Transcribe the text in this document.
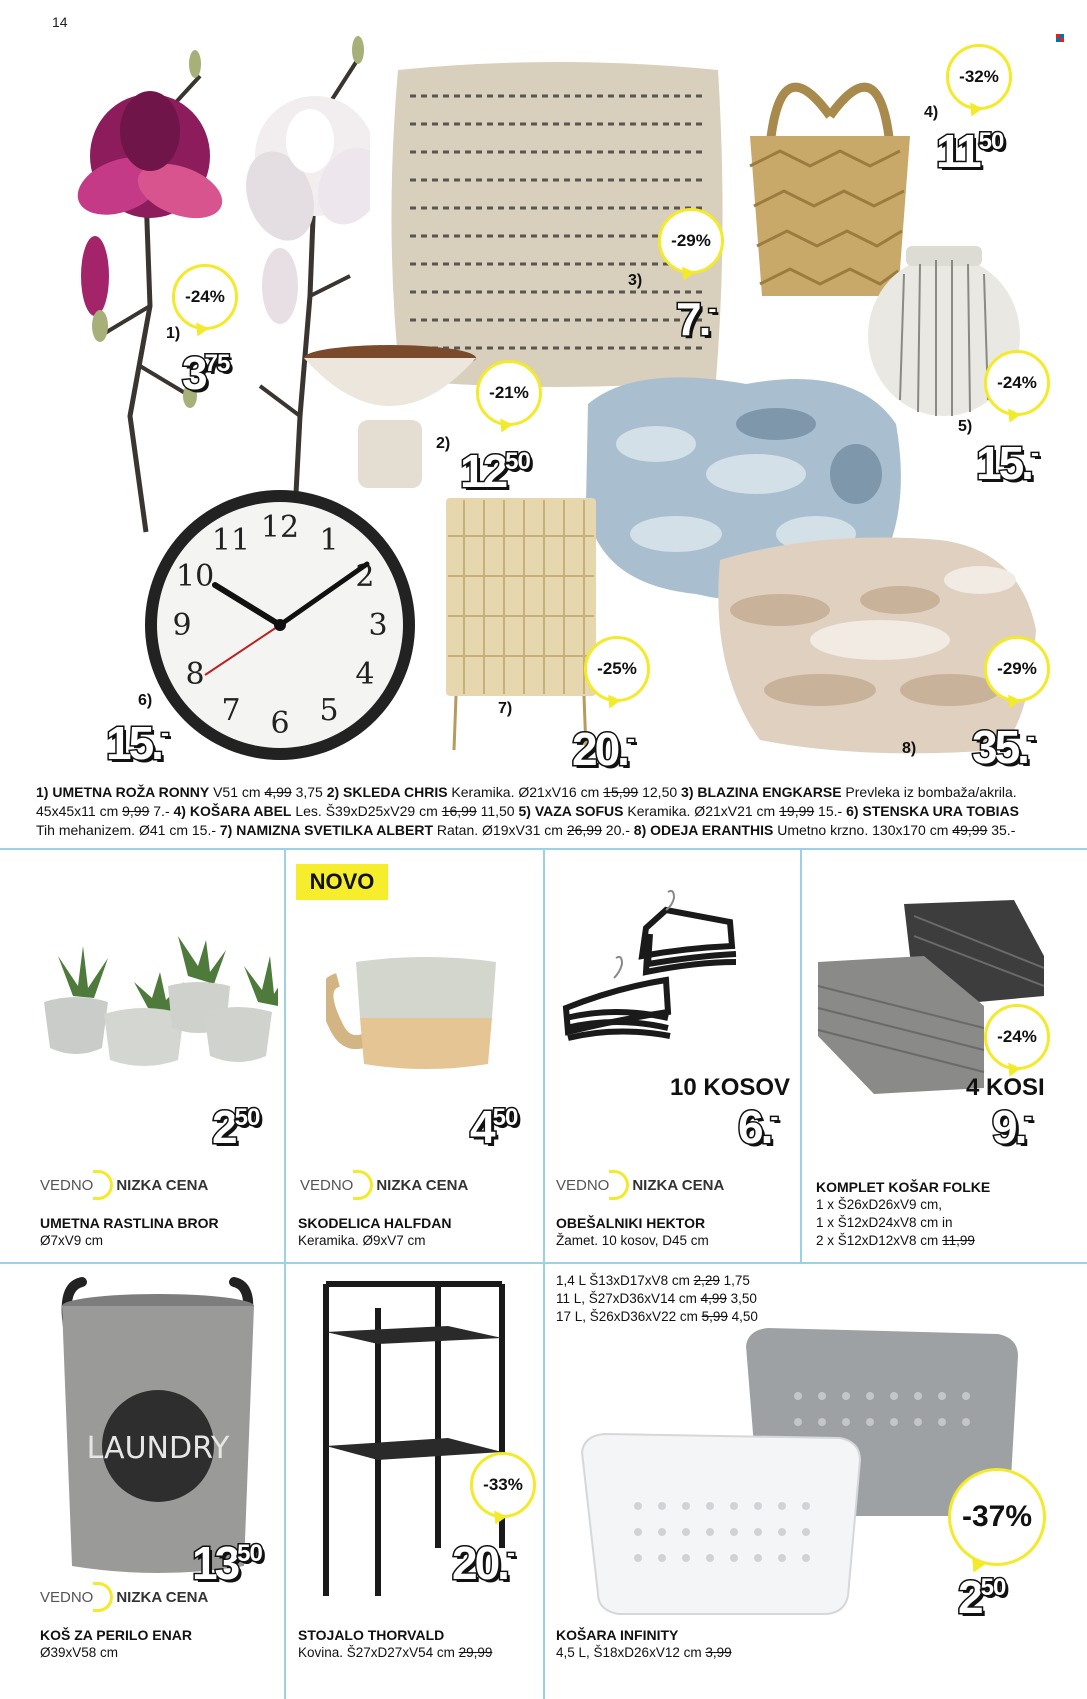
14
12 1
2
3
4
5
6
7
8
9
10
11
1)
-24%
375
2)
-21%
1250
3)
-29%
7.-
4)
-32%
1150
5)
-24%
15.-
6)
15.-
7)
-25%
20.-	8)
-29%
35.-
1) UMETNA ROŽA RONNY V51 cm 4,99 3,75 2) SKLEDA CHRIS Keramika. Ø21xV16 cm 15,99 12,50 3) BLAZINA ENGKARSE Prevleka iz bombaža/akrila.
45x45x11 cm 9,99 7.- 4) KOŠARA ABEL Les. Š39xD25xV29 cm 16,99 11,50 5) VAZA SOFUS Keramika. Ø21xV21 cm 19,99 15.- 6) STENSKA URA TOBIAS
Tih mehanizem. Ø41 cm 15.- 7) NAMIZNA SVETILKA ALBERT Ratan. Ø19xV31 cm 26,99 20.- 8) ODEJA ERANTHIS Umetno krzno. 130x170 cm 49,99 35.-
250
VEDNO NIZKA CENA
UMETNA RASTLINA BROR
Ø7xV9 cm
NOVO
450
VEDNO NIZKA CENA
SKODELICA HALFDAN
Keramika. Ø9xV7 cm
10 KOSOV
6.-
VEDNO NIZKA CENA
OBEŠALNIKI HEKTOR
Žamet. 10 kosov, D45 cm
-24%
4 KOSI
9.-
KOMPLET KOŠAR FOLKE
1 x Š26xD26xV9 cm,
1 x Š12xD24xV8 cm in
2 x Š12xD12xV8 cm 11,99
LAUNDRY
1350
VEDNO NIZKA CENA
KOŠ ZA PERILO ENAR
Ø39xV58 cm
-33%
20.-
STOJALO THORVALD
Kovina. Š27xD27xV54 cm 29,99
1,4 L Š13xD17xV8 cm 2,29 1,75
11 L, Š27xD36xV14 cm 4,99 3,50
17 L, Š26xD36xV22 cm 5,99 4,50
-37%
250
KOŠARA INFINITY
4,5 L, Š18xD26xV12 cm 3,99
